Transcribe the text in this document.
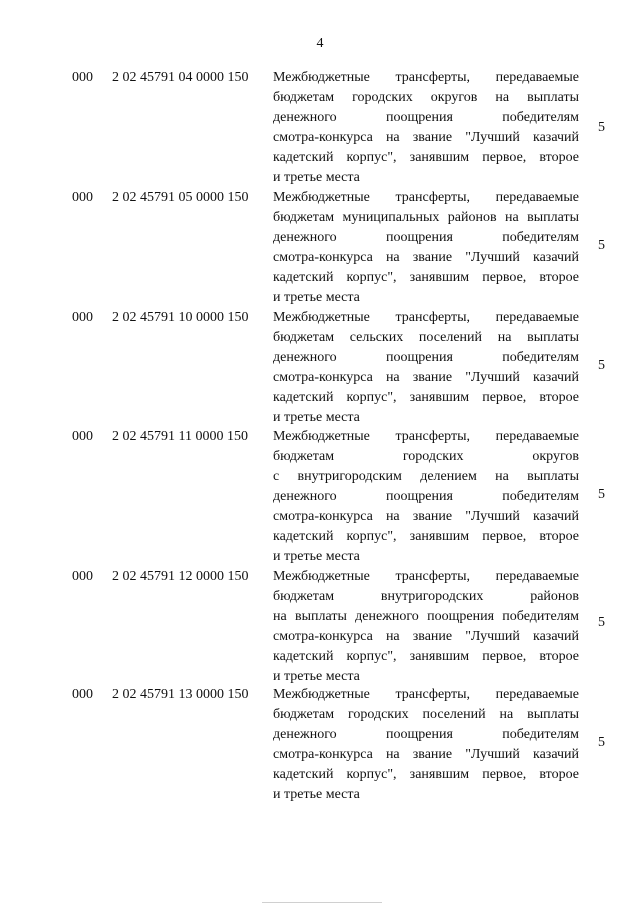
4
000 2 02 45791 04 0000 150 Межбюджетные трансферты, передаваемые
бюджетам городских округов на выплаты
денежного поощрения победителям
смотра-конкурса на звание "Лучший казачий
кадетский корпус", занявшим первое, второе
и третье места
5
000 2 02 45791 05 0000 150 Межбюджетные трансферты, передаваемые
бюджетам муниципальных районов на выплаты
денежного поощрения победителям
смотра-конкурса на звание "Лучший казачий
кадетский корпус", занявшим первое, второе
и третье места
5
000 2 02 45791 10 0000 150 Межбюджетные трансферты, передаваемые
бюджетам сельских поселений на выплаты
денежного поощрения победителям
смотра-конкурса на звание "Лучший казачий
кадетский корпус", занявшим первое, второе
и третье места
5
000 2 02 45791 11 0000 150 Межбюджетные трансферты, передаваемые
бюджетам городских округов
с внутригородским делением на выплаты
денежного поощрения победителям
смотра-конкурса на звание "Лучший казачий
кадетский корпус", занявшим первое, второе
и третье места
5
000 2 02 45791 12 0000 150 Межбюджетные трансферты, передаваемые
бюджетам внутригородских районов
на выплаты денежного поощрения победителям
смотра-конкурса на звание "Лучший казачий
кадетский корпус", занявшим первое, второе
и третье места
5
000 2 02 45791 13 0000 150 Межбюджетные трансферты, передаваемые
бюджетам городских поселений на выплаты
денежного поощрения победителям
смотра-конкурса на звание "Лучший казачий
кадетский корпус", занявшим первое, второе
и третье места
5
